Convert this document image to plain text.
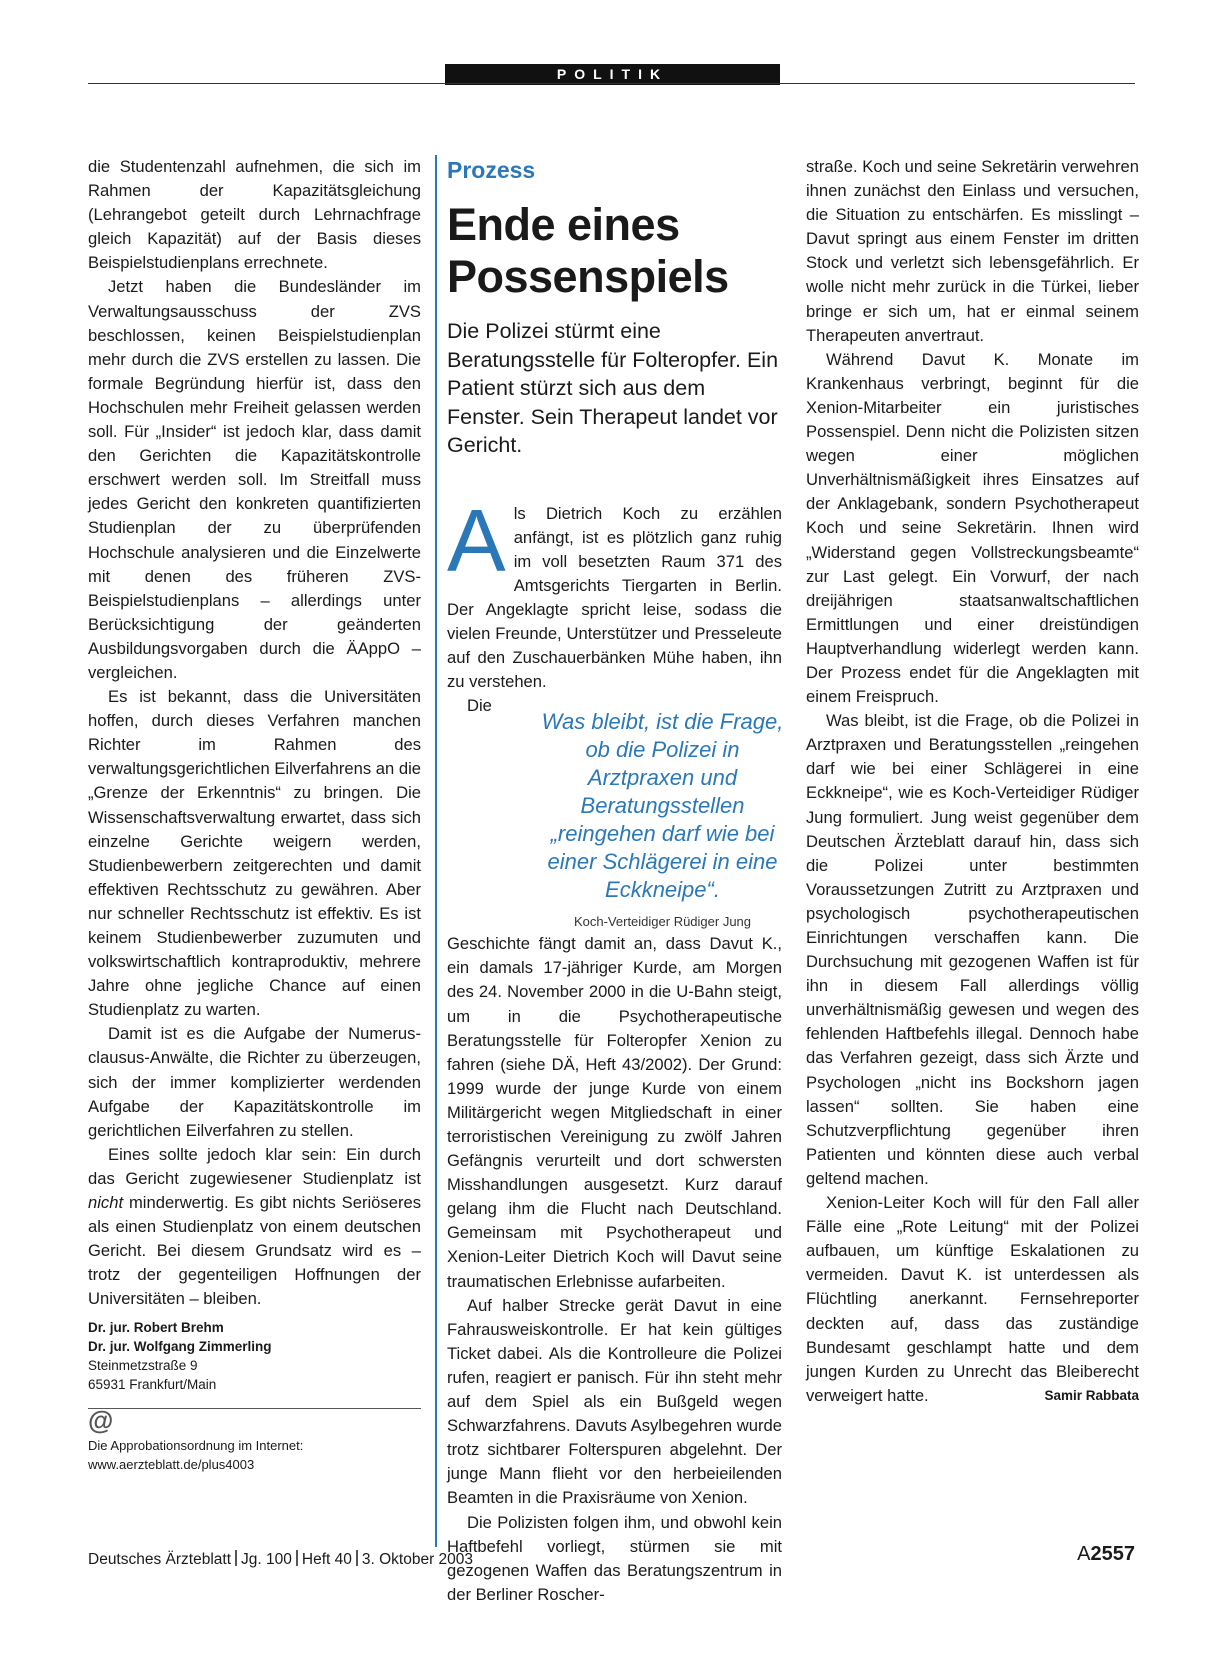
POLITIK

die Studentenzahl aufnehmen, die sich im Rahmen der Kapazitätsgleichung (Lehrangebot geteilt durch Lehrnachfrage gleich Kapazität) auf der Basis dieses Beispielstudienplans errechnete.

Jetzt haben die Bundesländer im Verwaltungsausschuss der ZVS beschlossen, keinen Beispielstudienplan mehr durch die ZVS erstellen zu lassen. Die formale Begründung hierfür ist, dass den Hochschulen mehr Freiheit gelassen werden soll. Für „Insider“ ist jedoch klar, dass damit den Gerichten die Kapazitätskontrolle erschwert werden soll. Im Streitfall muss jedes Gericht den konkreten quantifizierten Studienplan der zu überprüfenden Hochschule analysieren und die Einzelwerte mit denen des früheren ZVS-Beispielstudienplans – allerdings unter Berücksichtigung der geänderten Ausbildungsvorgaben durch die ÄAppO – vergleichen.

Es ist bekannt, dass die Universitäten hoffen, durch dieses Verfahren manchen Richter im Rahmen des verwaltungsgerichtlichen Eilverfahrens an die „Grenze der Erkenntnis“ zu bringen. Die Wissenschaftsverwaltung erwartet, dass sich einzelne Gerichte weigern werden, Studienbewerbern zeitgerechten und damit effektiven Rechtsschutz zu gewähren. Aber nur schneller Rechtsschutz ist effektiv. Es ist keinem Studienbewerber zuzumuten und volkswirtschaftlich kontraproduktiv, mehrere Jahre ohne jegliche Chance auf einen Studienplatz zu warten.

Damit ist es die Aufgabe der Numerus-clausus-Anwälte, die Richter zu überzeugen, sich der immer komplizierter werdenden Aufgabe der Kapazitätskontrolle im gerichtlichen Eilverfahren zu stellen.

Eines sollte jedoch klar sein: Ein durch das Gericht zugewiesener Studienplatz ist nicht minderwertig. Es gibt nichts Seriöseres als einen Studienplatz von einem deutschen Gericht. Bei diesem Grundsatz wird es – trotz der gegenteiligen Hoffnungen der Universitäten – bleiben.

Dr. jur. Robert Brehm
Dr. jur. Wolfgang Zimmerling
Steinmetzstraße 9
65931 Frankfurt/Main
@
Die Approbationsordnung im Internet: www.aerzteblatt.de/plus4003
Prozess
Ende eines
Possenspiels
Die Polizei stürmt eine Beratungsstelle für Folteropfer. Ein Patient stürzt sich aus dem Fenster. Sein Therapeut landet vor Gericht.

Als Dietrich Koch zu erzählen anfängt, ist es plötzlich ganz ruhig im voll besetzten Raum 371 des Amtsgerichts Tiergarten in Berlin. Der Angeklagte spricht leise, sodass die vielen Freunde, Unterstützer und Presseleute auf den Zuschauerbänken Mühe haben, ihn zu verstehen.

Was bleibt, ist die Frage, ob die Polizei in Arztpraxen und Beratungsstellen „reingehen darf wie bei einer Schlägerei in eine Eckkneipe“.
Koch-Verteidiger Rüdiger Jung

Die Geschichte fängt damit an, dass Davut K., ein damals 17-jähriger Kurde, am Morgen des 24. November 2000 in die U-Bahn steigt, um in die Psychotherapeutische Beratungsstelle für Folteropfer Xenion zu fahren (siehe DÄ, Heft 43/2002). Der Grund: 1999 wurde der junge Kurde von einem Militärgericht wegen Mitgliedschaft in einer terroristischen Vereinigung zu zwölf Jahren Gefängnis verurteilt und dort schwersten Misshandlungen ausgesetzt. Kurz darauf gelang ihm die Flucht nach Deutschland. Gemeinsam mit Psychotherapeut und Xenion-Leiter Dietrich Koch will Davut seine traumatischen Erlebnisse aufarbeiten.

Auf halber Strecke gerät Davut in eine Fahrausweiskontrolle. Er hat kein gültiges Ticket dabei. Als die Kontrolleure die Polizei rufen, reagiert er panisch. Für ihn steht mehr auf dem Spiel als ein Bußgeld wegen Schwarzfahrens. Davuts Asylbegehren wurde trotz sichtbarer Folterspuren abgelehnt. Der junge Mann flieht vor den herbeieilenden Beamten in die Praxisräume von Xenion.

Die Polizisten folgen ihm, und obwohl kein Haftbefehl vorliegt, stürmen sie mit gezogenen Waffen das Beratungszentrum in der Berliner Roscher-

straße. Koch und seine Sekretärin verwehren ihnen zunächst den Einlass und versuchen, die Situation zu entschärfen. Es misslingt – Davut springt aus einem Fenster im dritten Stock und verletzt sich lebensgefährlich. Er wolle nicht mehr zurück in die Türkei, lieber bringe er sich um, hat er einmal seinem Therapeuten anvertraut.

Während Davut K. Monate im Krankenhaus verbringt, beginnt für die Xenion-Mitarbeiter ein juristisches Possenspiel. Denn nicht die Polizisten sitzen wegen einer möglichen Unverhältnismäßigkeit ihres Einsatzes auf der Anklagebank, sondern Psychotherapeut Koch und seine Sekretärin. Ihnen wird „Widerstand gegen Vollstreckungsbeamte“ zur Last gelegt. Ein Vorwurf, der nach dreijährigen staatsanwaltschaftlichen Ermittlungen und einer dreistündigen Hauptverhandlung widerlegt werden kann. Der Prozess endet für die Angeklagten mit einem Freispruch.

Was bleibt, ist die Frage, ob die Polizei in Arztpraxen und Beratungsstellen „reingehen darf wie bei einer Schlägerei in eine Eckkneipe“, wie es Koch-Verteidiger Rüdiger Jung formuliert. Jung weist gegenüber dem Deutschen Ärzteblatt darauf hin, dass sich die Polizei unter bestimmten Voraussetzungen Zutritt zu Arztpraxen und psychologisch psychotherapeutischen Einrichtungen verschaffen kann. Die Durchsuchung mit gezogenen Waffen ist für ihn in diesem Fall allerdings völlig unverhältnismäßig gewesen und wegen des fehlenden Haftbefehls illegal. Dennoch habe das Verfahren gezeigt, dass sich Ärzte und Psychologen „nicht ins Bockshorn jagen lassen“ sollten. Sie haben eine Schutzverpflichtung gegenüber ihren Patienten und könnten diese auch verbal geltend machen.

Xenion-Leiter Koch will für den Fall aller Fälle eine „Rote Leitung“ mit der Polizei aufbauen, um künftige Eskalationen zu vermeiden. Davut K. ist unterdessen als Flüchtling anerkannt. Fernsehreporter deckten auf, dass das zuständige Bundesamt geschlampt hatte und dem jungen Kurden zu Unrecht das Bleiberecht verweigert hatte.	Samir Rabbata

Deutsches Ärzteblatt Jg. 100 Heft 40 3. Oktober 2003	A2557
